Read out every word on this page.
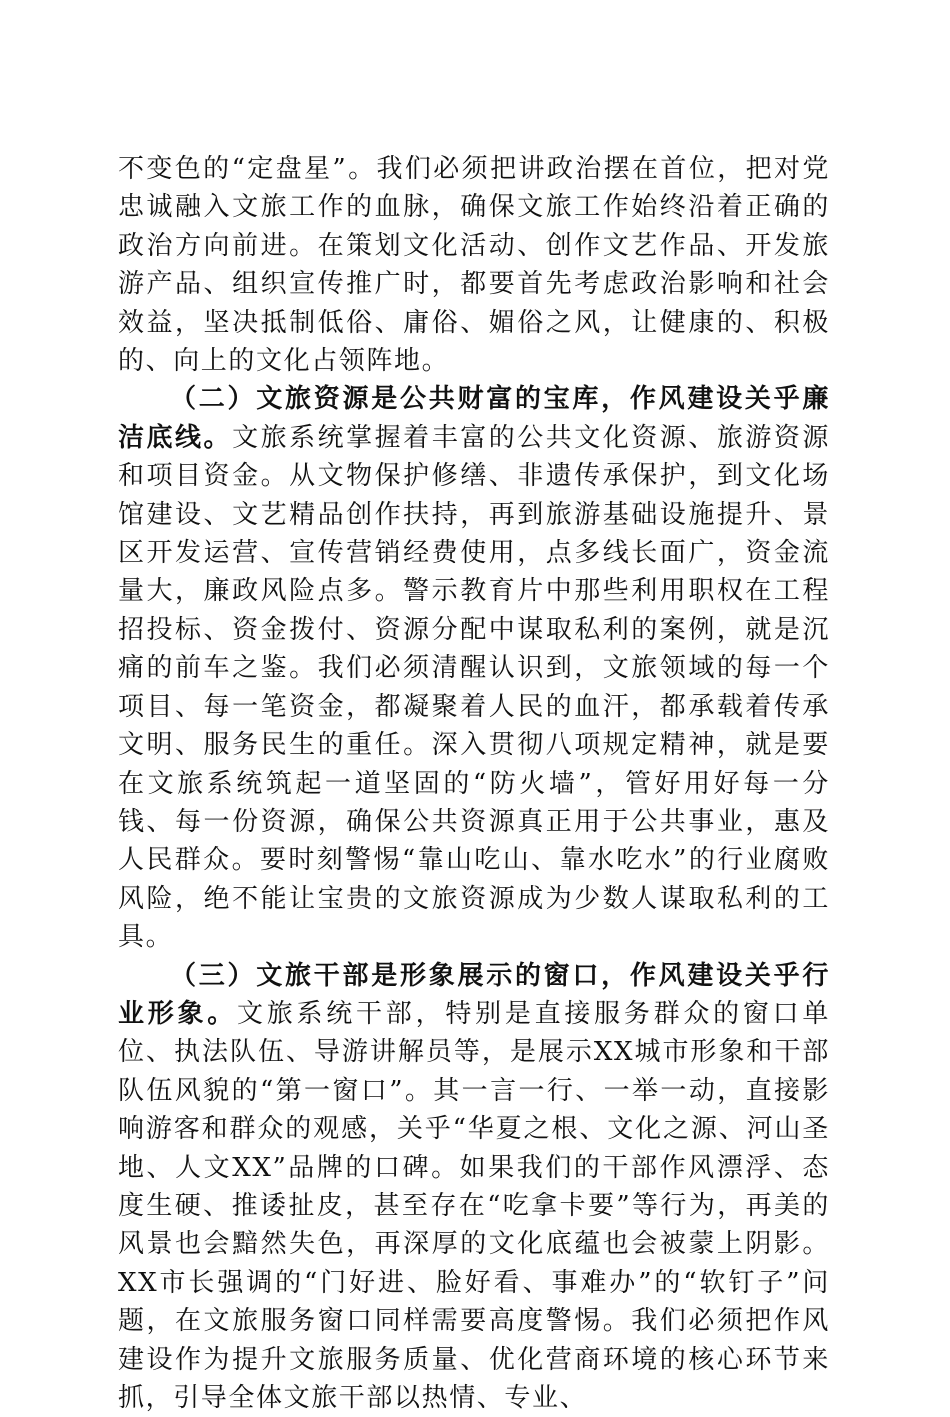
不变色的“定盘星”。我们必须把讲政治摆在首位，把对党忠诚融入文旅工作的血脉，确保文旅工作始终沿着正确的政治方向前进。在策划文化活动、创作文艺作品、开发旅游产品、组织宣传推广时，都要首先考虑政治影响和社会效益，坚决抵制低俗、庸俗、媚俗之风，让健康的、积极的、向上的文化占领阵地。

（二）文旅资源是公共财富的宝库，作风建设关乎廉洁底线。文旅系统掌握着丰富的公共文化资源、旅游资源和项目资金。从文物保护修缮、非遗传承保护，到文化场馆建设、文艺精品创作扶持，再到旅游基础设施提升、景区开发运营、宣传营销经费使用，点多线长面广，资金流量大，廉政风险点多。警示教育片中那些利用职权在工程招投标、资金拨付、资源分配中谋取私利的案例，就是沉痛的前车之鉴。我们必须清醒认识到，文旅领域的每一个项目、每一笔资金，都凝聚着人民的血汗，都承载着传承文明、服务民生的重任。深入贯彻八项规定精神，就是要在文旅系统筑起一道坚固的“防火墙”，管好用好每一分钱、每一份资源，确保公共资源真正用于公共事业，惠及人民群众。要时刻警惕“靠山吃山、靠水吃水”的行业腐败风险，绝不能让宝贵的文旅资源成为少数人谋取私利的工具。

（三）文旅干部是形象展示的窗口，作风建设关乎行业形象。文旅系统干部，特别是直接服务群众的窗口单位、执法队伍、导游讲解员等，是展示XX城市形象和干部队伍风貌的“第一窗口”。其一言一行、一举一动，直接影响游客和群众的观感，关乎“华夏之根、文化之源、河山圣地、人文XX”品牌的口碑。如果我们的干部作风漂浮、态度生硬、推诿扯皮，甚至存在“吃拿卡要”等行为，再美的风景也会黯然失色，再深厚的文化底蕴也会被蒙上阴影。XX市长强调的“门好进、脸好看、事难办”的“软钉子”问题，在文旅服务窗口同样需要高度警惕。我们必须把作风建设作为提升文旅服务质量、优化营商环境的核心环节来抓，引导全体文旅干部以热情、专业、
